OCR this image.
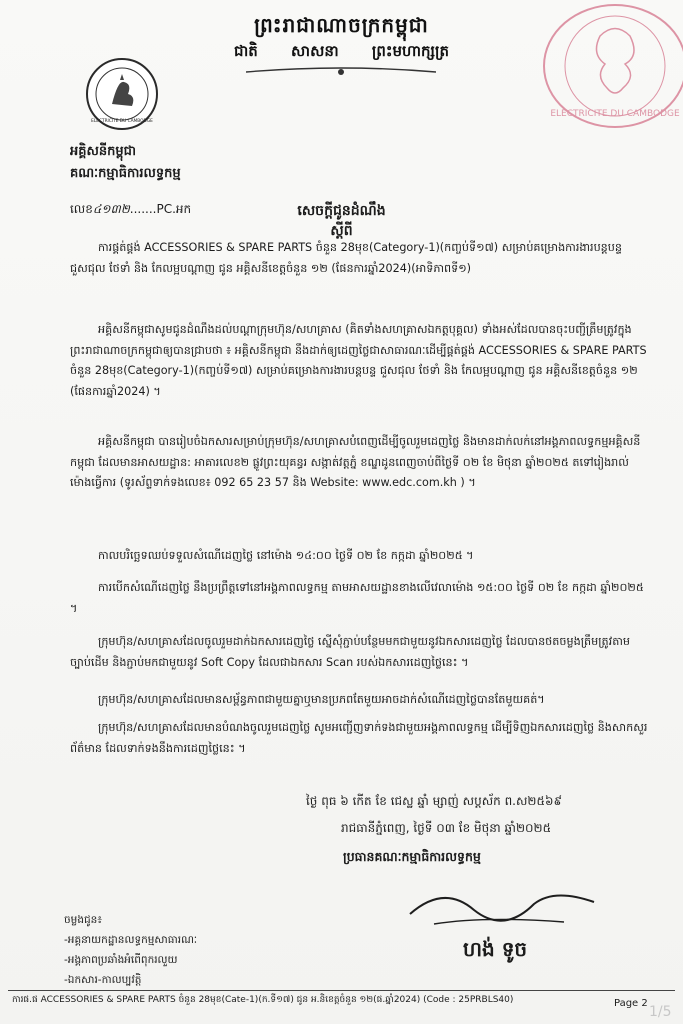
ព្រះរាជាណាចក្រកម្ពុជា
ជាតិ សាសនា ព្រះមហាក្សត្រ
ELECTRICITE DU CAMBODGE
ELECTRICITE DU CAMBODGE
អគ្គិសនីកម្ពុជា
គណៈកម្មាធិការលទ្ធកម្ម
លេខ៤១៣២.......PC.អក	សេចក្តីជូនដំណឹង
ស្តីពី
ការផ្គត់ផ្គង់ ACCESSORIES & SPARE PARTS ចំនួន 28មុខ(Category-1)(កញ្ចប់ទី១៧) សម្រាប់គម្រោងការងារបន្តបន្ទ ជួសជុល ថែទាំ និង កែលម្អបណ្តាញ ជូន អគ្គិសនីខេត្តចំនួន ១២ (ផែនការឆ្នាំ2024)(អាទិភាពទី១)
អគ្គិសនីកម្ពុជាសូមជូនដំណឹងដល់បណ្តាក្រុមហ៊ុន/សហគ្រាស (គិតទាំងសហគ្រាសឯកត្តបុគ្គល) ទាំងអស់ដែលបានចុះបញ្ជីត្រឹមត្រូវក្នុងព្រះរាជាណាចក្រកម្ពុជាឲ្យបានជ្រាបថា ៖ អគ្គិសនីកម្ពុជា នឹងដាក់ឲ្យដេញថ្លៃជាសាធារណៈដើម្បីផ្គត់ផ្គង់ ACCESSORIES & SPARE PARTS ចំនួន 28មុខ(Category-1)(កញ្ចប់ទី១៧) សម្រាប់គម្រោងការងារបន្តបន្ទ ជួសជុល ថែទាំ និង កែលម្អបណ្តាញ ជូន អគ្គិសនីខេត្តចំនួន ១២ (ផែនការឆ្នាំ2024) ។
អគ្គិសនីកម្ពុជា បានរៀបចំឯកសារសម្រាប់ក្រុមហ៊ុន/សហគ្រាសបំពេញដើម្បីចូលរួមដេញថ្លៃ និងមានដាក់លក់នៅអង្គភាពលទ្ធកម្មអគ្គិសនីកម្ពុជា ដែលមានអាសយដ្ឋាន: អាគារលេខ២ ផ្លូវព្រះយុគន្ធរ សង្កាត់វត្តភ្នំ ខណ្ឌដូនពេញចាប់ពីថ្ងៃទី ០២ ខែ មិថុនា ឆ្នាំ២០២៥ តទៅរៀងរាល់ម៉ោងធ្វើការ (ទូរស័ព្ទទាក់ទងលេខ៖ 092 65 23 57 និង Website: www.edc.com.kh ) ។
កាលបរិច្ឆេទឈប់ទទួលសំណើដេញថ្លៃ នៅម៉ោង ១៤:០០ ថ្ងៃទី ០២ ខែ កក្កដា ឆ្នាំ២០២៥ ។
ការបើកសំណើដេញថ្លៃ នឹងប្រព្រឹត្តទៅនៅអង្គភាពលទ្ធកម្ម តាមអាសយដ្ឋានខាងលើវេលាម៉ោង ១៥:០០ ថ្ងៃទី ០២ ខែ កក្កដា ឆ្នាំ២០២៥ ។
ក្រុមហ៊ុន/សហគ្រាសដែលចូលរួមដាក់ឯកសារដេញថ្លៃ ស្នើសុំភ្ជាប់បន្ថែមមកជាមួយនូវឯកសារដេញថ្លៃ ដែលបានថតចម្លងត្រឹមត្រូវតាមច្បាប់ដើម និងភ្ជាប់មកជាមួយនូវ Soft Copy ដែលជាឯកសារ Scan របស់ឯកសារដេញថ្លៃនេះ ។
ក្រុមហ៊ុន/សហគ្រាសដែលមានសម្ព័ន្ធភាពជាមួយគ្នាឬមានប្រភពតែមួយអាចដាក់សំណើដេញថ្លៃបានតែមួយគត់។
ក្រុមហ៊ុន/សហគ្រាសដែលមានបំណងចូលរួមដេញថ្លៃ សូមអញ្ជើញទាក់ទងជាមួយអង្គភាពលទ្ធកម្ម ដើម្បីទិញឯកសារដេញថ្លៃ និងសាកសួរព័ត៌មាន ដែលទាក់ទងនឹងការដេញថ្លៃនេះ ។
ថ្ងៃ ពុធ ៦ កើត ខែ ជេស្ឋ ឆ្នាំ ម្សាញ់ សប្តស័ក ព.ស២៥៦៩
រាជធានីភ្នំពេញ, ថ្ងៃទី ០៣ ខែ មិថុនា ឆ្នាំ២០២៥
ប្រធានគណៈកម្មាធិការលទ្ធកម្ម
ហង់ ទូច
ចម្លងជូន៖
-អគ្គនាយកដ្ឋានលទ្ធកម្មសាធារណៈ
-អង្គភាពប្រឆាំងអំពើពុករលួយ
-ឯកសារ-កាលប្បវត្តិ
ការផ.ផ ACCESSORIES & SPARE PARTS ចំនួន 28មុខ(Cate-1)(ក.ទី១៧) ជូន អ.និខេត្តចំនួន ១២(ផ.ឆ្នាំ2024) (Code : 25PRBLS40)	Page 2
1/5
